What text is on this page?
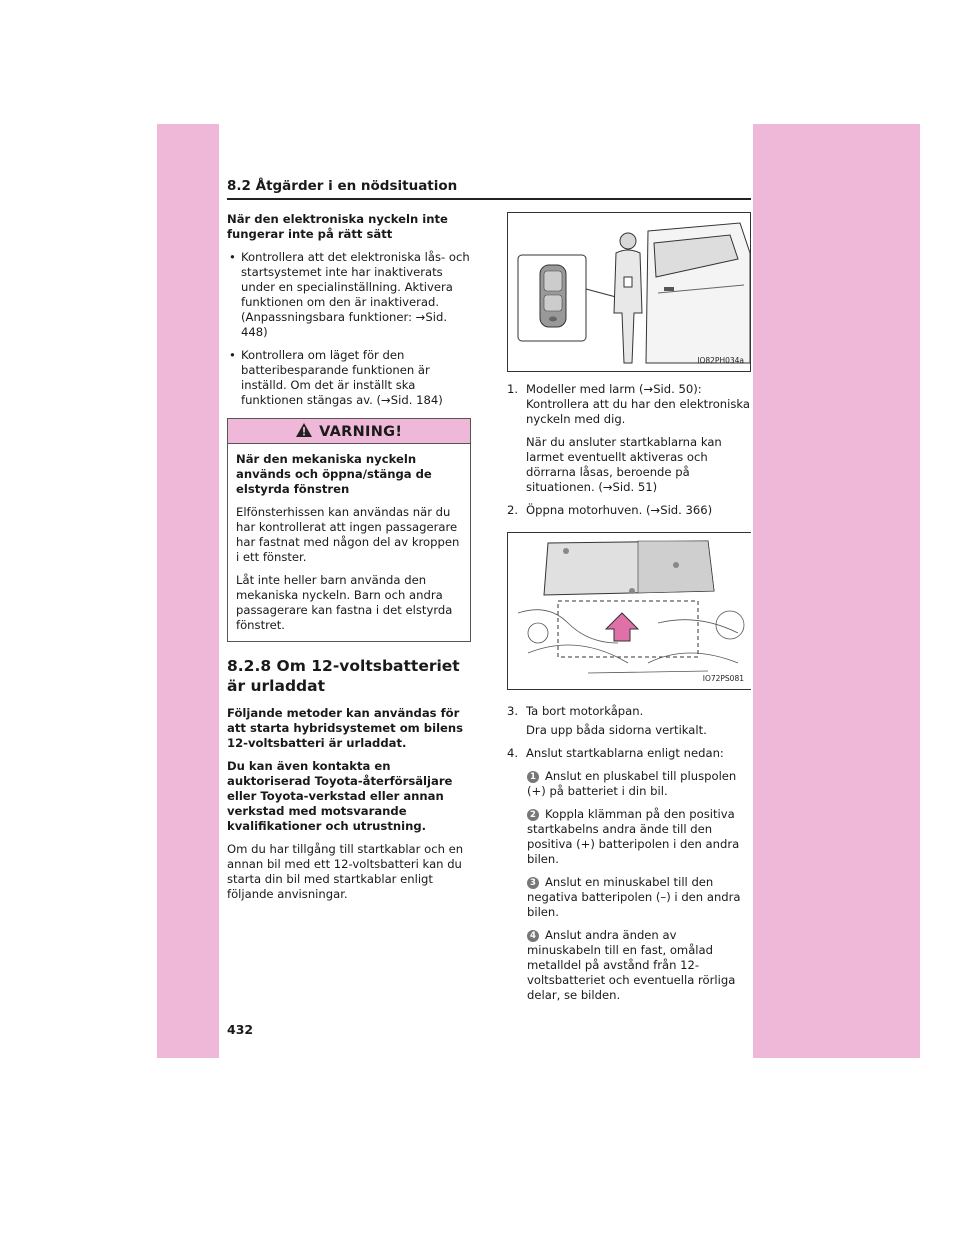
8.2 Åtgärder i en nödsituation

När den elektroniska nyckeln inte fungerar inte på rätt sätt

• Kontrollera att det elektroniska lås- och startsystemet inte har inaktiverats under en specialinställning. Aktivera funktionen om den är inaktiverad. (Anpassningsbara funktioner: →Sid. 448)
• Kontrollera om läget för den batteribesparande funktionen är inställd. Om det är inställt ska funktionen stängas av. (→Sid. 184)
VARNING!

När den mekaniska nyckeln används och öppna/stänga de elstyrda fönstren

Elfönsterhissen kan användas när du har kontrollerat att ingen passagerare har fastnat med någon del av kroppen i ett fönster.

Låt inte heller barn använda den mekaniska nyckeln. Barn och andra passagerare kan fastna i det elstyrda fönstret.

8.2.8 Om 12-voltsbatteriet är urladdat

Följande metoder kan användas för att starta hybridsystemet om bilens 12-voltsbatteri är urladdat.

Du kan även kontakta en auktoriserad Toyota-återförsäljare eller Toyota-verkstad eller annan verkstad med motsvarande kvalifikationer och utrustning.

Om du har tillgång till startkablar och en annan bil med ett 12-voltsbatteri kan du starta din bil med startkablar enligt följande anvisningar.

IO82PH034a
1. Modeller med larm (→Sid. 50): Kontrollera att du har den elektroniska nyckeln med dig.

När du ansluter startkablarna kan larmet eventuellt aktiveras och dörrarna låsas, beroende på situationen. (→Sid. 51)

2. Öppna motorhuven. (→Sid. 366)

IO72PS081
3. Ta bort motorkåpan.

Dra upp båda sidorna vertikalt.

4. Anslut startkablarna enligt nedan:

1 Anslut en pluskabel till pluspolen (+) på batteriet i din bil.
2 Koppla klämman på den positiva startkabelns andra ände till den positiva (+) batteripolen i den andra bilen.
3 Anslut en minuskabel till den negativa batteripolen (–) i den andra bilen.
4 Anslut andra änden av minuskabeln till en fast, omålad metalldel på avstånd från 12-voltsbatteriet och eventuella rörliga delar, se bilden.
432
